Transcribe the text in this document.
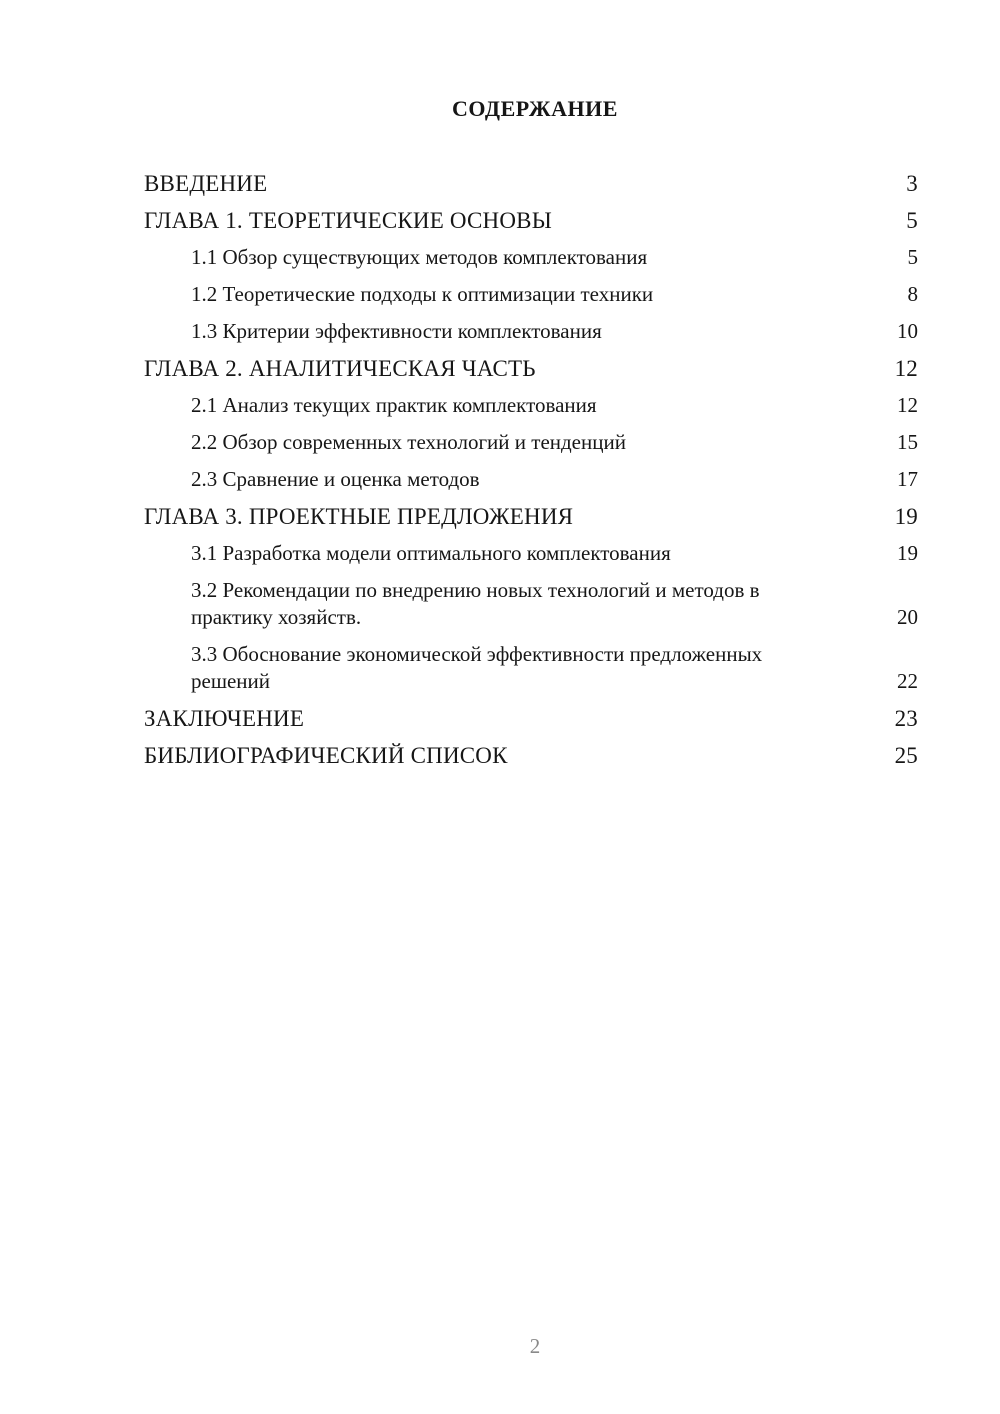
СОДЕРЖАНИЕ
ВВЕДЕНИЕ	3
ГЛАВА 1. ТЕОРЕТИЧЕСКИЕ ОСНОВЫ	5
1.1 Обзор существующих методов комплектования	5
1.2 Теоретические подходы к оптимизации техники	8
1.3 Критерии эффективности комплектования	10
ГЛАВА 2. АНАЛИТИЧЕСКАЯ ЧАСТЬ	12
2.1 Анализ текущих практик комплектования	12
2.2 Обзор современных технологий и тенденций	15
2.3 Сравнение и оценка методов	17
ГЛАВА 3. ПРОЕКТНЫЕ ПРЕДЛОЖЕНИЯ	19
3.1 Разработка модели оптимального комплектования	19
3.2 Рекомендации по внедрению новых технологий и методов в практику хозяйств.	20
3.3 Обоснование экономической эффективности предложенных решений	22
ЗАКЛЮЧЕНИЕ	23
БИБЛИОГРАФИЧЕСКИЙ СПИСОК	25
2
